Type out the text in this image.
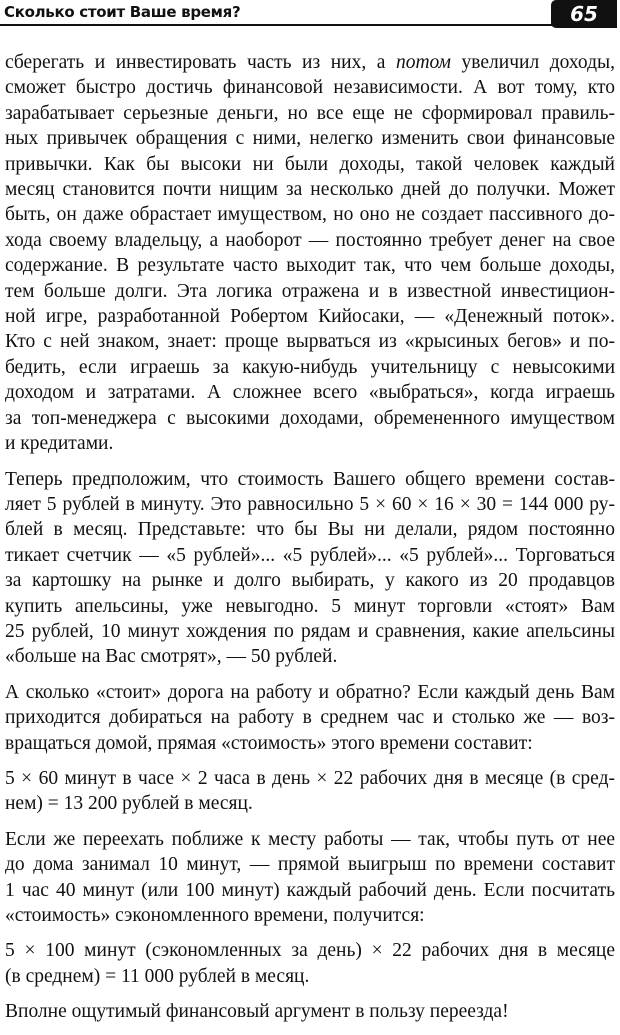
Сколько стоит Ваше время?	65

сберегать и инвестировать часть из них, а потом увеличил доходы,
сможет быстро достичь финансовой независимости. А вот тому, кто
зарабатывает серьезные деньги, но все еще не сформировал правиль-
ных привычек обращения с ними, нелегко изменить свои финансовые
привычки. Как бы высоки ни были доходы, такой человек каждый
месяц становится почти нищим за несколько дней до получки. Может
быть, он даже обрастает имуществом, но оно не создает пассивного до-
хода своему владельцу, а наоборот — постоянно требует денег на свое
содержание. В результате часто выходит так, что чем больше доходы,
тем больше долги. Эта логика отражена и в известной инвестицион-
ной игре, разработанной Робертом Кийосаки, — «Денежный поток».
Кто с ней знаком, знает: проще вырваться из «крысиных бегов» и по-
бедить, если играешь за какую-нибудь учительницу с невысокими
доходом и затратами. А сложнее всего «выбраться», когда играешь
за топ-менеджера с высокими доходами, обремененного имуществом
и кредитами.

Теперь предположим, что стоимость Вашего общего времени состав-
ляет 5 рублей в минуту. Это равносильно 5 × 60 × 16 × 30 = 144 000 ру-
блей в месяц. Представьте: что бы Вы ни делали, рядом постоянно
тикает счетчик — «5 рублей»... «5 рублей»... «5 рублей»... Торговаться
за картошку на рынке и долго выбирать, у какого из 20 продавцов
купить апельсины, уже невыгодно. 5 минут торговли «стоят» Вам
25 рублей, 10 минут хождения по рядам и сравнения, какие апельсины
«больше на Вас смотрят», — 50 рублей.

А сколько «стоит» дорога на работу и обратно? Если каждый день Вам
приходится добираться на работу в среднем час и столько же — воз-
вращаться домой, прямая «стоимость» этого времени составит:

5 × 60 минут в часе × 2 часа в день × 22 рабочих дня в месяце (в сред-
нем) = 13 200 рублей в месяц.

Если же переехать поближе к месту работы — так, чтобы путь от нее
до дома занимал 10 минут, — прямой выигрыш по времени составит
1 час 40 минут (или 100 минут) каждый рабочий день. Если посчитать
«стоимость» сэкономленного времени, получится:

5 × 100 минут (сэкономленных за день) × 22 рабочих дня в месяце
(в среднем) = 11 000 рублей в месяц.

Вполне ощутимый финансовый аргумент в пользу переезда!
